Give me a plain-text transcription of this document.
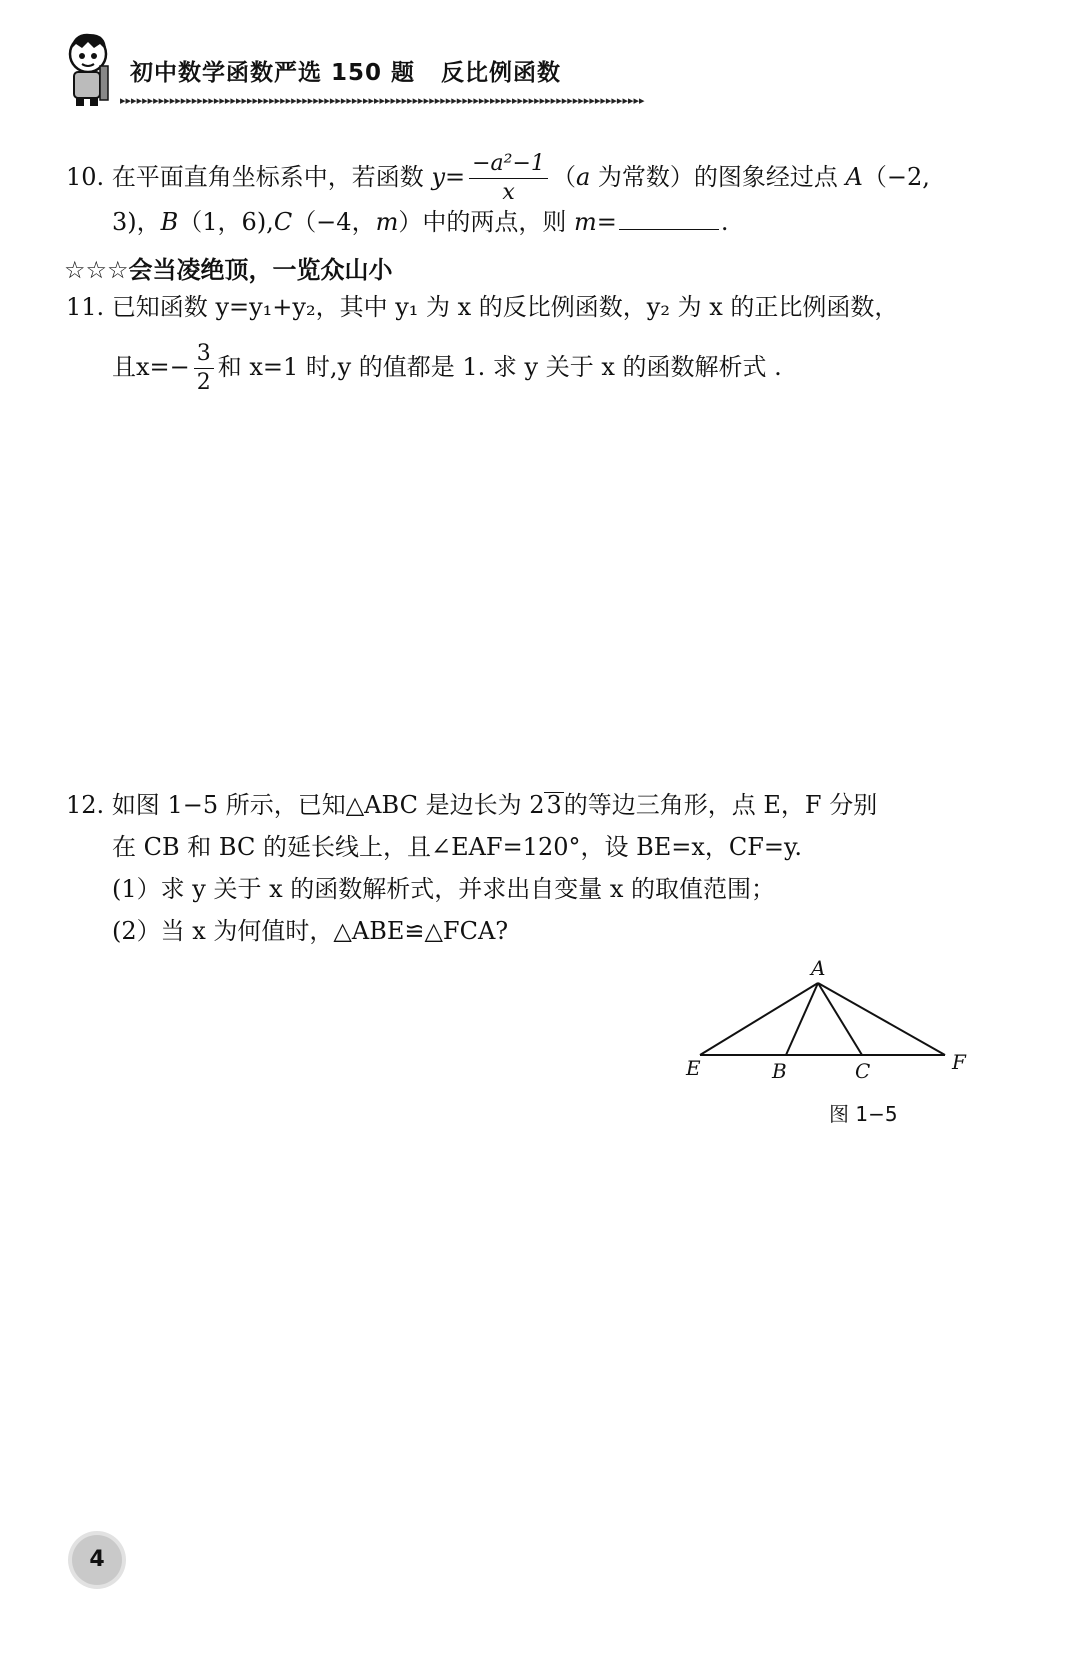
初中数学函数严选 150 题 反比例函数
▸▸▸▸▸▸▸▸▸▸▸▸▸▸▸▸▸▸▸▸▸▸▸▸▸▸▸▸▸▸▸▸▸▸▸▸▸▸▸▸▸▸▸▸▸▸▸▸▸▸▸▸▸▸▸▸▸▸▸▸▸▸▸▸▸▸▸▸▸▸▸▸▸▸▸▸▸▸▸▸▸▸▸▸▸▸▸▸▸▸▸▸▸▸▸
10. 在平面直角坐标系中，若函数 $y= \frac{\text{−a²−1}}{x} (a$ 为常数）的图象经过点 A（−2,
3)，B（1，6),C（−4，m）中的两点，则 m=	.
☆☆☆会当凌绝顶，一览众山小
11. 已知函数 y=y₁+y₂，其中 y₁ 为 x 的反比例函数，y₂ 为 x 的正比例函数，
且$x=- \frac{3}{2}$ 和 x=1 时,y 的值都是 1. 求 y 关于 x 的函数解析式 .
12. 如图 1−5 所示，已知△ABC 是边长为 23的等边三角形，点 E，F 分别
在 CB 和 BC 的延长线上，且∠EAF=120°，设 BE=x，CF=y.
(1）求 y 关于 x 的函数解析式，并求出自变量 x 的取值范围；
(2）当 x 为何值时，△ABE≌△FCA?
A
B	C
E	F
图 1−5
4
